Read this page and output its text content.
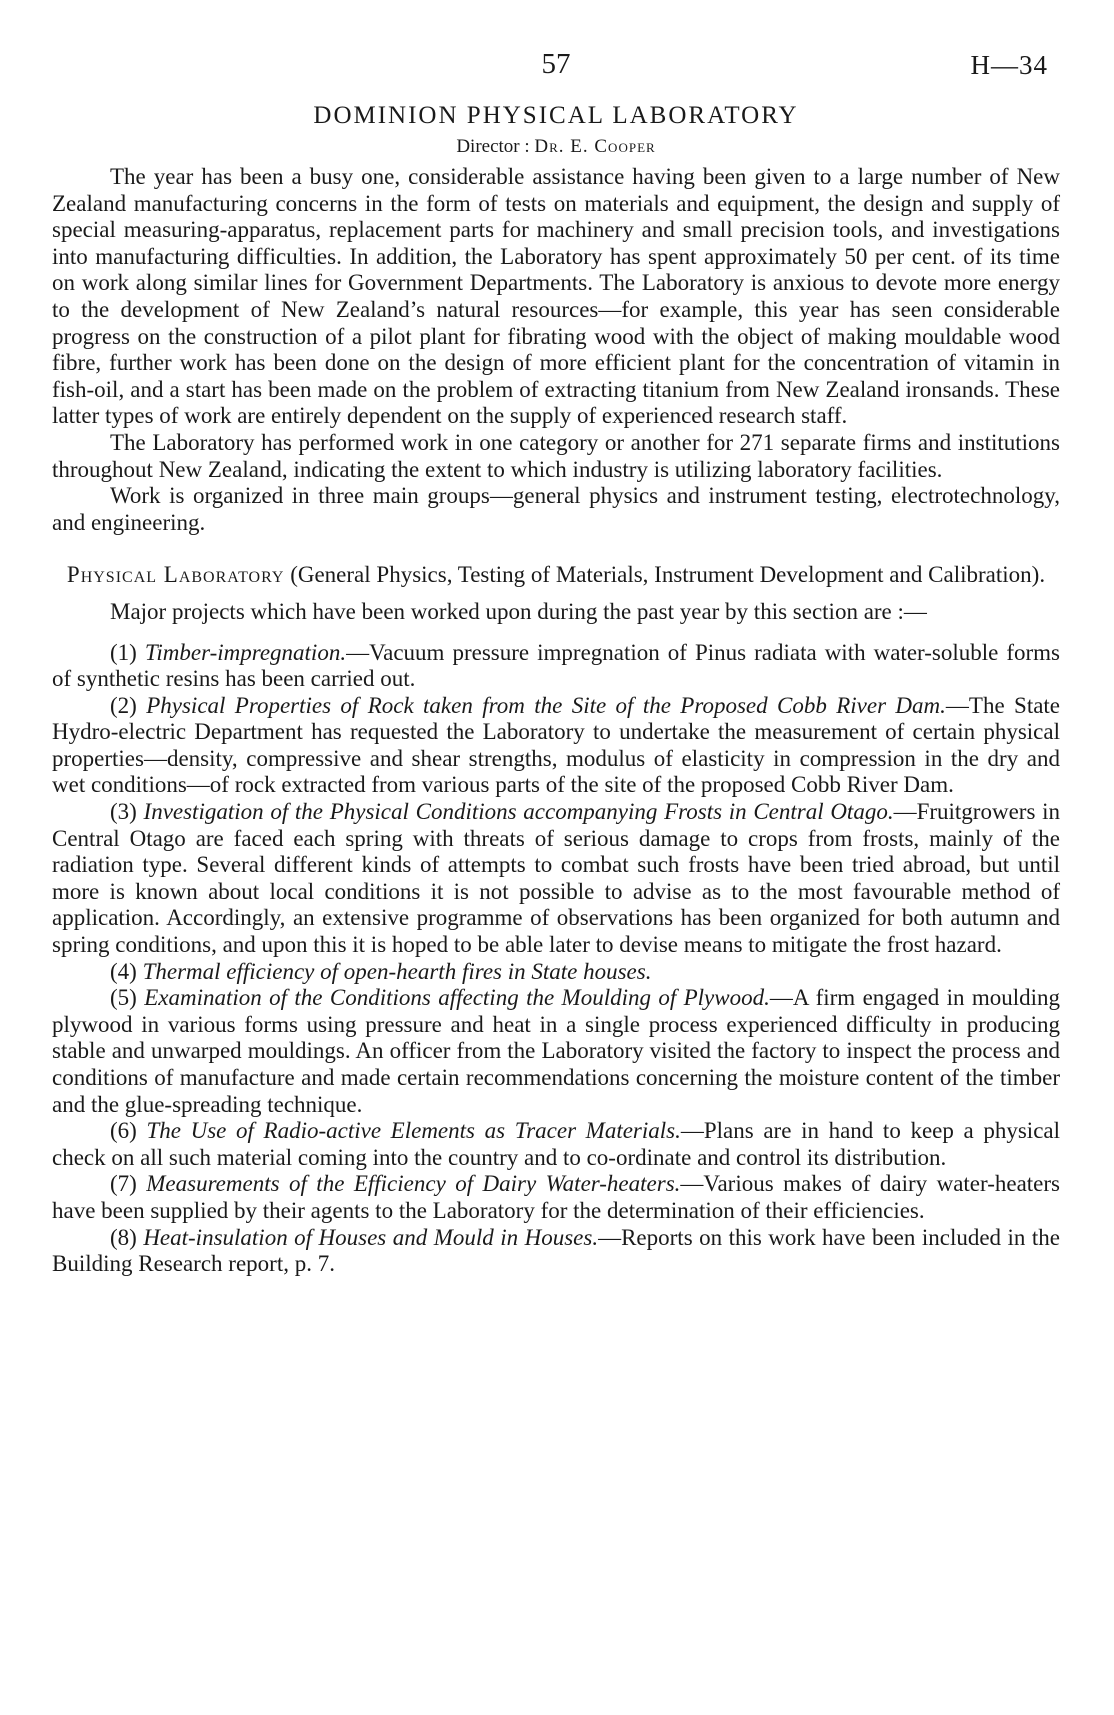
57	H—34
DOMINION PHYSICAL LABORATORY
Director : Dr. E. Cooper

The year has been a busy one, considerable assistance having been given to a large number of New Zealand manufacturing concerns in the form of tests on materials and equipment, the design and supply of special measuring-apparatus, replacement parts for machinery and small precision tools, and investigations into manufacturing difficulties. In addition, the Laboratory has spent approximately 50 per cent. of its time on work along similar lines for Government Departments. The Laboratory is anxious to devote more energy to the development of New Zealand’s natural resources—for example, this year has seen considerable progress on the construction of a pilot plant for fibrating wood with the object of making mouldable wood fibre, further work has been done on the design of more efficient plant for the concentration of vitamin in fish-oil, and a start has been made on the problem of extracting titanium from New Zealand ironsands. These latter types of work are entirely dependent on the supply of experienced research staff.

The Laboratory has performed work in one category or another for 271 separate firms and institutions throughout New Zealand, indicating the extent to which industry is utilizing laboratory facilities.

Work is organized in three main groups—general physics and instrument testing, electrotechnology, and engineering.

Physical Laboratory (General Physics, Testing of Materials, Instrument Development and Calibration).

Major projects which have been worked upon during the past year by this section are :—

(1) Timber-impregnation.—Vacuum pressure impregnation of Pinus radiata with water-soluble forms of synthetic resins has been carried out.

(2) Physical Properties of Rock taken from the Site of the Proposed Cobb River Dam.—The State Hydro-electric Department has requested the Laboratory to undertake the measurement of certain physical properties—density, compressive and shear strengths, modulus of elasticity in compression in the dry and wet conditions—of rock extracted from various parts of the site of the proposed Cobb River Dam.

(3) Investigation of the Physical Conditions accompanying Frosts in Central Otago.—Fruitgrowers in Central Otago are faced each spring with threats of serious damage to crops from frosts, mainly of the radiation type. Several different kinds of attempts to combat such frosts have been tried abroad, but until more is known about local conditions it is not possible to advise as to the most favourable method of application. Accordingly, an extensive programme of observations has been organized for both autumn and spring conditions, and upon this it is hoped to be able later to devise means to mitigate the frost hazard.

(4) Thermal efficiency of open-hearth fires in State houses.

(5) Examination of the Conditions affecting the Moulding of Plywood.—A firm engaged in moulding plywood in various forms using pressure and heat in a single process experienced difficulty in producing stable and unwarped mouldings. An officer from the Laboratory visited the factory to inspect the process and conditions of manufacture and made certain recommendations concerning the moisture content of the timber and the glue-spreading technique.

(6) The Use of Radio-active Elements as Tracer Materials.—Plans are in hand to keep a physical check on all such material coming into the country and to co-ordinate and control its distribution.

(7) Measurements of the Efficiency of Dairy Water-heaters.—Various makes of dairy water-heaters have been supplied by their agents to the Laboratory for the determination of their efficiencies.

(8) Heat-insulation of Houses and Mould in Houses.—Reports on this work have been included in the Building Research report, p. 7.
